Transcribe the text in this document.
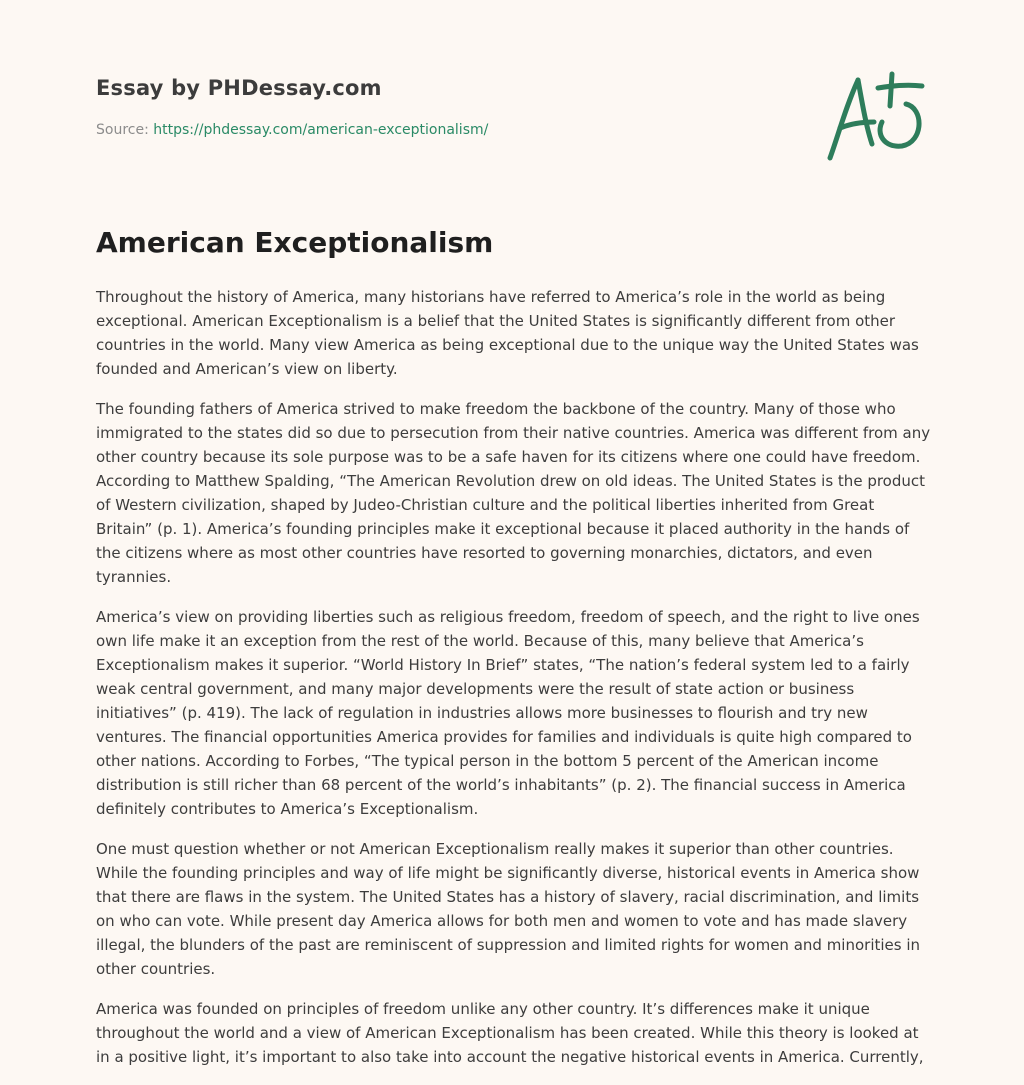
Essay by PHDessay.com
Source: https://phdessay.com/american-exceptionalism/
American Exceptionalism

Throughout the history of America, many historians have referred to America’s role in the world as being exceptional. American Exceptionalism is a belief that the United States is significantly different from other countries in the world. Many view America as being exceptional due to the unique way the United States was founded and American’s view on liberty.

The founding fathers of America strived to make freedom the backbone of the country. Many of those who immigrated to the states did so due to persecution from their native countries. America was different from any other country because its sole purpose was to be a safe haven for its citizens where one could have freedom. According to Matthew Spalding, “The American Revolution drew on old ideas. The United States is the product of Western civilization, shaped by Judeo-Christian culture and the political liberties inherited from Great Britain” (p. 1). America’s founding principles make it exceptional because it placed authority in the hands of the citizens where as most other countries have resorted to governing monarchies, dictators, and even tyrannies.

America’s view on providing liberties such as religious freedom, freedom of speech, and the right to live ones own life make it an exception from the rest of the world. Because of this, many believe that America’s Exceptionalism makes it superior. “World History In Brief” states, “The nation’s federal system led to a fairly weak central government, and many major developments were the result of state action or business initiatives” (p. 419). The lack of regulation in industries allows more businesses to flourish and try new ventures. The financial opportunities America provides for families and individuals is quite high compared to other nations. According to Forbes, “The typical person in the bottom 5 percent of the American income distribution is still richer than 68 percent of the world’s inhabitants” (p. 2). The financial success in America definitely contributes to America’s Exceptionalism.

One must question whether or not American Exceptionalism really makes it superior than other countries. While the founding principles and way of life might be significantly diverse, historical events in America show that there are flaws in the system. The United States has a history of slavery, racial discrimination, and limits on who can vote. While present day America allows for both men and women to vote and has made slavery illegal, the blunders of the past are reminiscent of suppression and limited rights for women and minorities in other countries.

America was founded on principles of freedom unlike any other country. It’s differences make it unique throughout the world and a view of American Exceptionalism has been created. While this theory is looked at in a positive light, it’s important to also take into account the negative historical events in America. Currently,
